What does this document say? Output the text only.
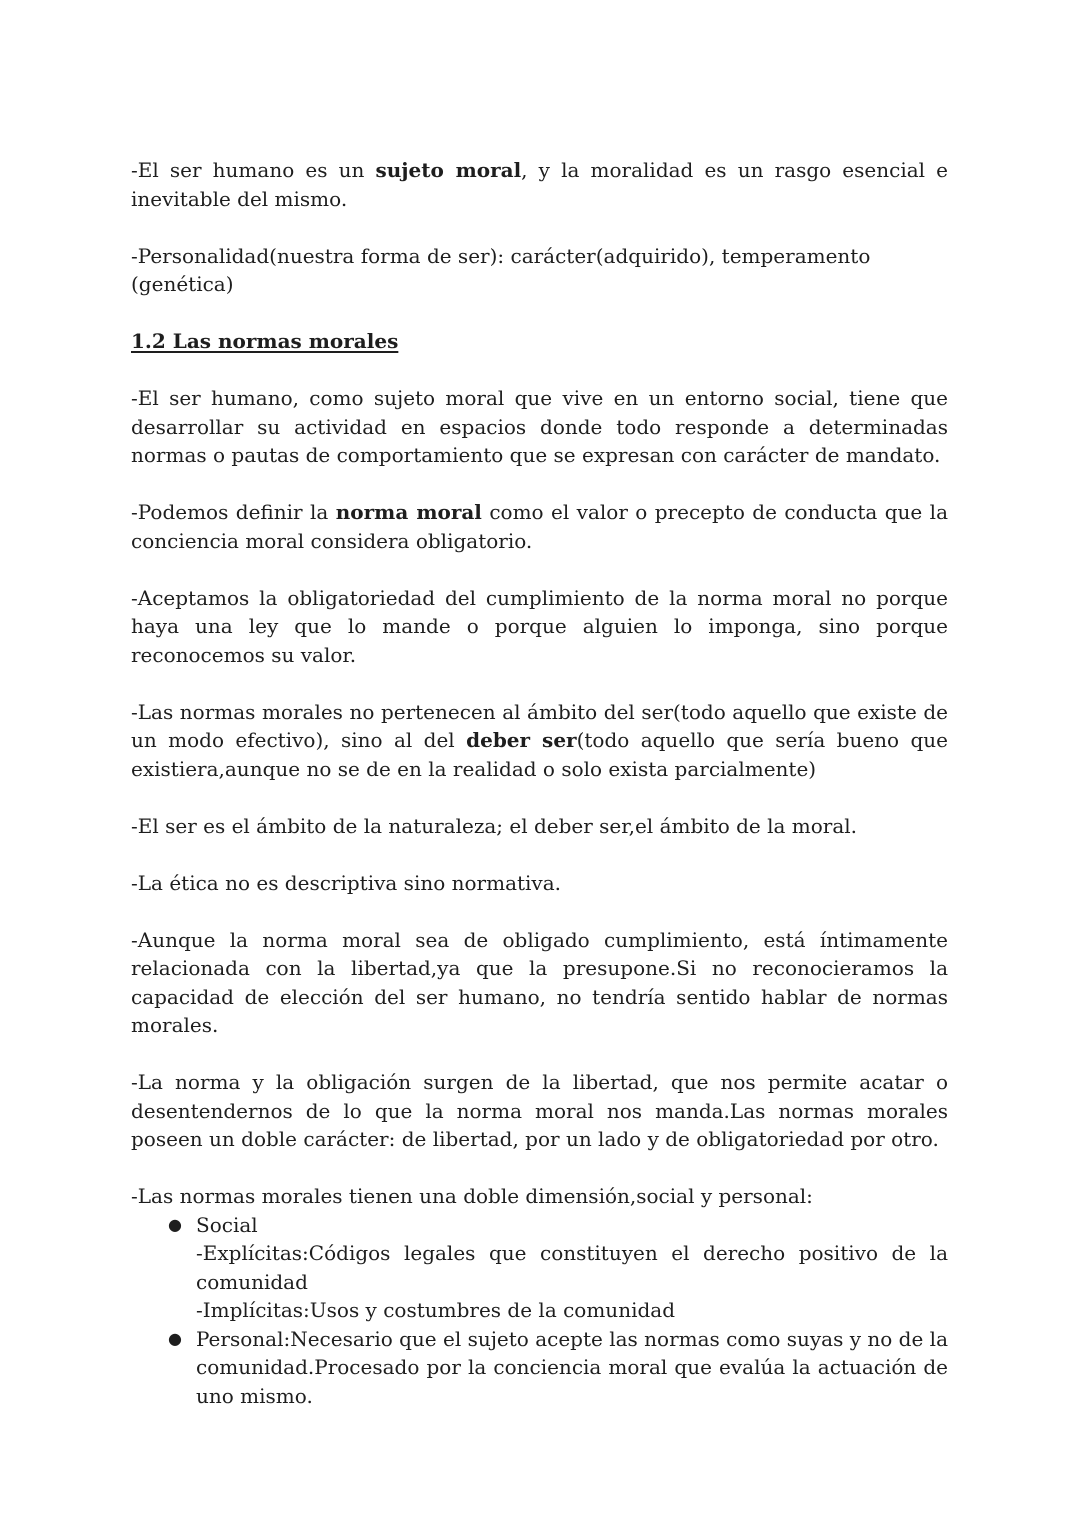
-El ser humano es un sujeto moral, y la moralidad es un rasgo esencial e inevitable del mismo.

-Personalidad(nuestra forma de ser): carácter(adquirido), temperamento (genética)

1.2 Las normas morales

-El ser humano, como sujeto moral que vive en un entorno social, tiene que desarrollar su actividad en espacios donde todo responde a determinadas normas o pautas de comportamiento que se expresan con carácter de mandato.

-Podemos definir la norma moral como el valor o precepto de conducta que la conciencia moral considera obligatorio.

-Aceptamos la obligatoriedad del cumplimiento de la norma moral no porque haya una ley que lo mande o porque alguien lo imponga, sino porque reconocemos su valor.

-Las normas morales no pertenecen al ámbito del ser(todo aquello que existe de un modo efectivo), sino al del deber ser(todo aquello que sería bueno que existiera,aunque no se de en la realidad o solo exista parcialmente)

-El ser es el ámbito de la naturaleza; el deber ser,el ámbito de la moral.

-La ética no es descriptiva sino normativa.

-Aunque la norma moral sea de obligado cumplimiento, está íntimamente relacionada con la libertad,ya que la presupone.Si no reconocieramos la capacidad de elección del ser humano, no tendría sentido hablar de normas morales.

-La norma y la obligación surgen de la libertad, que nos permite acatar o desentendernos de lo que la norma moral nos manda.Las normas morales poseen un doble carácter: de libertad, por un lado y de obligatoriedad por otro.

-Las normas morales tienen una doble dimensión,social y personal:

● Social
-Explícitas:Códigos legales que constituyen el derecho positivo de la comunidad
-Implícitas:Usos y costumbres de la comunidad
● Personal:Necesario que el sujeto acepte las normas como suyas y no de la comunidad.Procesado por la conciencia moral que evalúa la actuación de uno mismo.
